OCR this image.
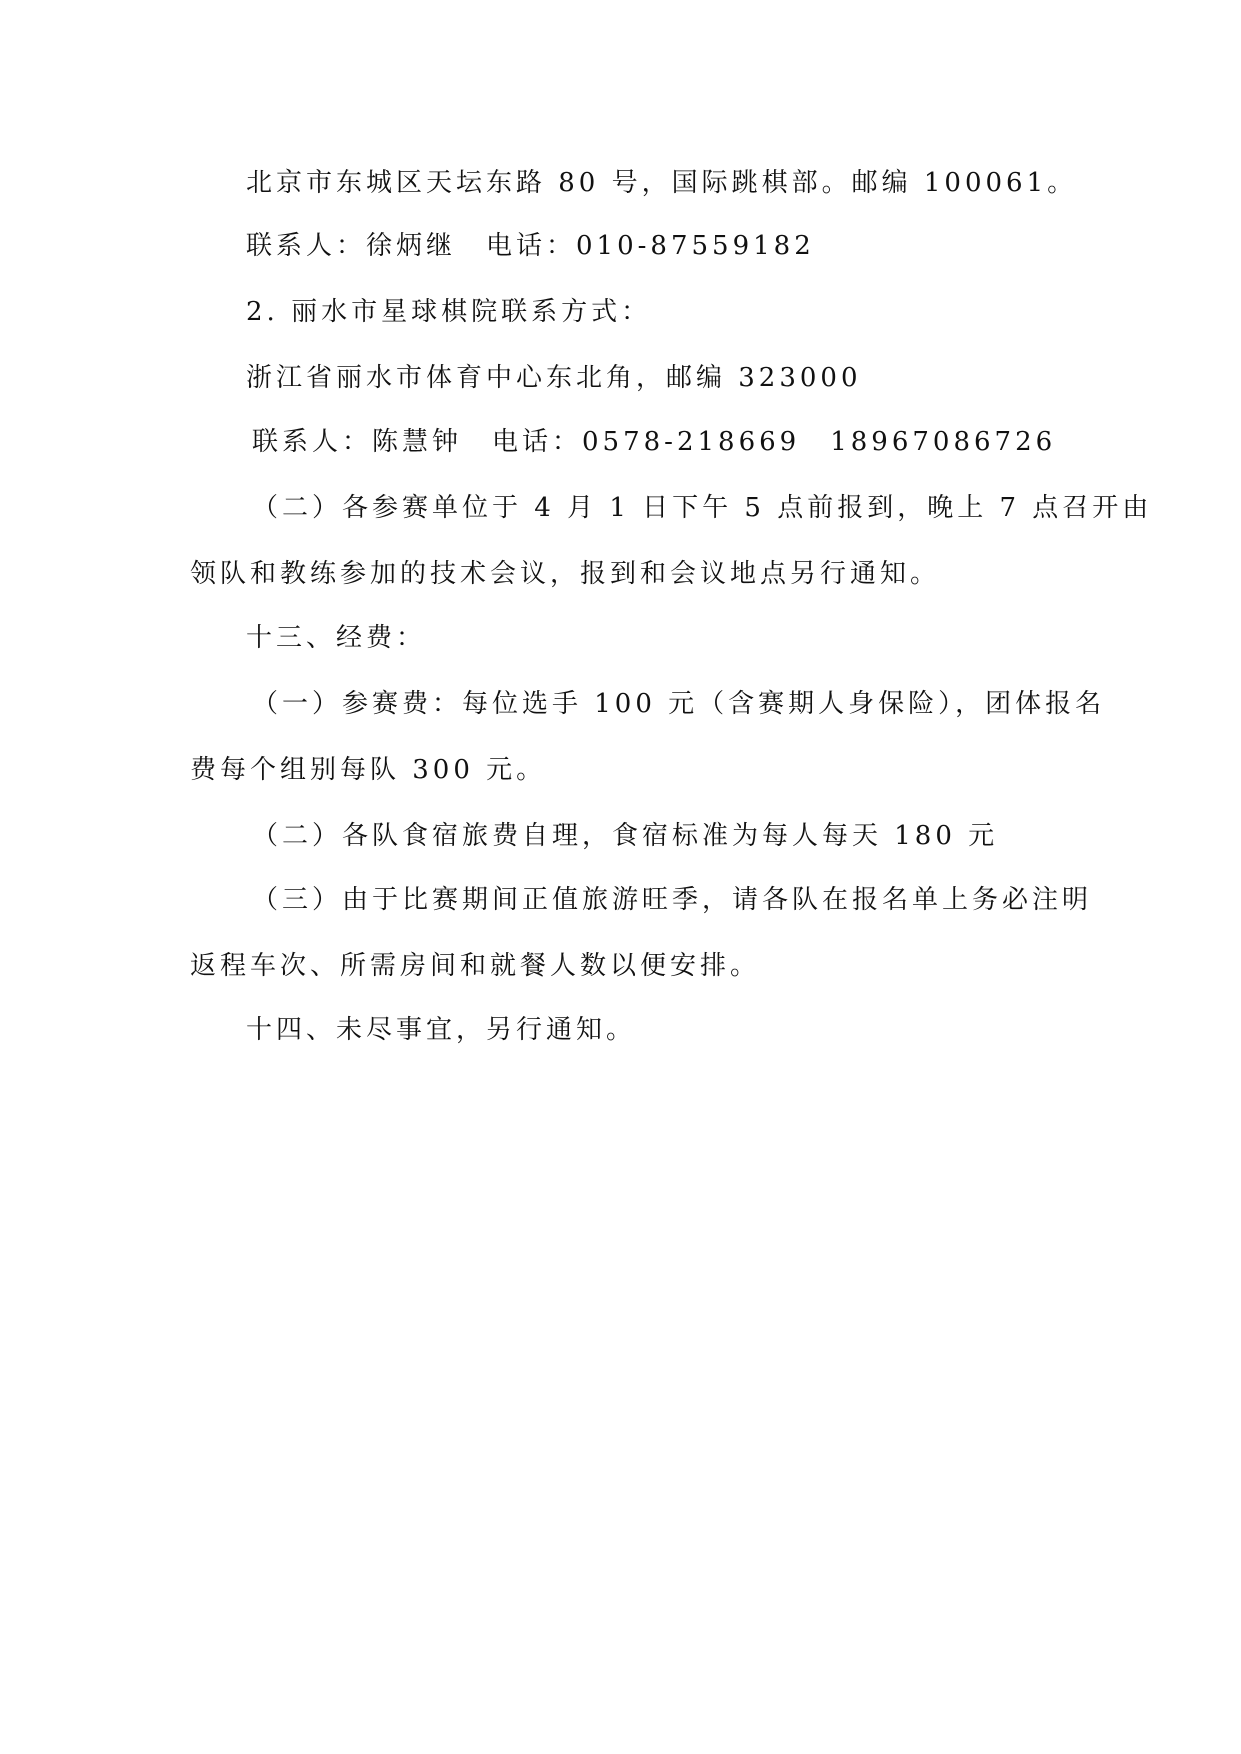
北京市东城区天坛东路 80 号，国际跳棋部。邮编 100061。
联系人：徐炳继　电话：010-87559182
2. 丽水市星球棋院联系方式：
浙江省丽水市体育中心东北角，邮编 323000
联系人：陈慧钟　电话：0578-218669　18967086726
（二）各参赛单位于 4 月 1 日下午 5 点前报到，晚上 7 点召开由
领队和教练参加的技术会议，报到和会议地点另行通知。
十三、经费：
（一）参赛费：每位选手 100 元（含赛期人身保险），团体报名
费每个组别每队 300 元。
（二）各队食宿旅费自理，食宿标准为每人每天 180 元
（三）由于比赛期间正值旅游旺季，请各队在报名单上务必注明
返程车次、所需房间和就餐人数以便安排。
十四、未尽事宜，另行通知。
